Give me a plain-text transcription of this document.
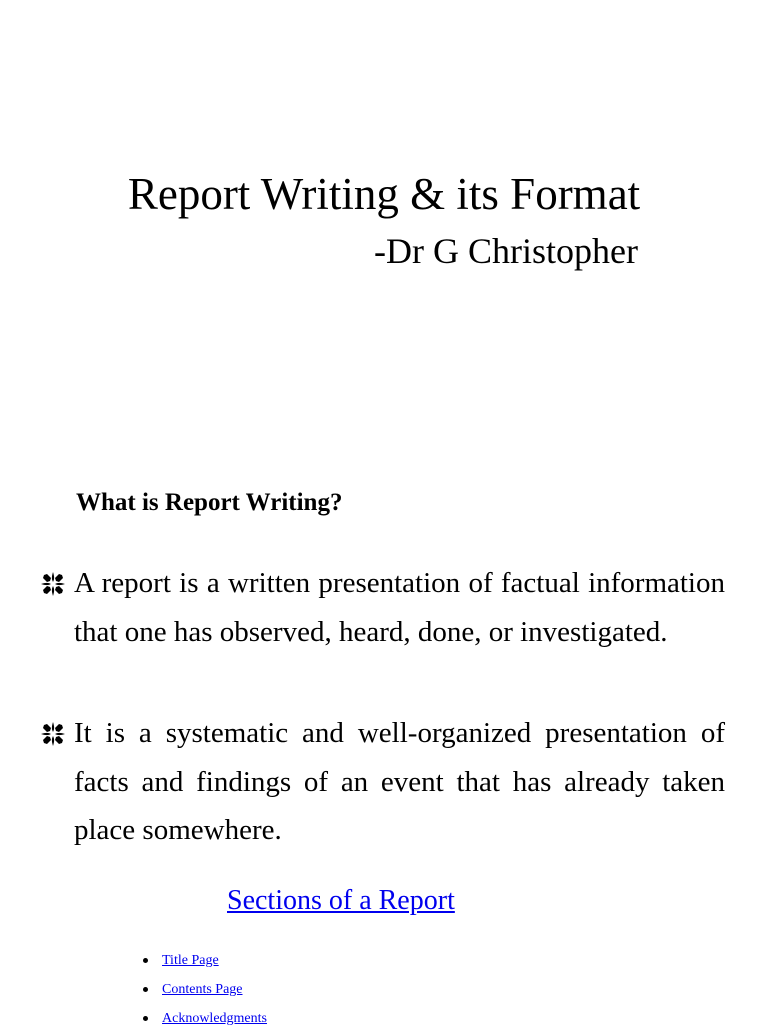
Report Writing & its Format
-Dr G Christopher
What is Report Writing?
A report is a written presentation of factual information that one has observed, heard, done, or investigated.
It is a systematic and well-organized presentation of facts and findings of an event that has already taken place somewhere.
Sections of a Report
Title Page
Contents Page
Acknowledgments
